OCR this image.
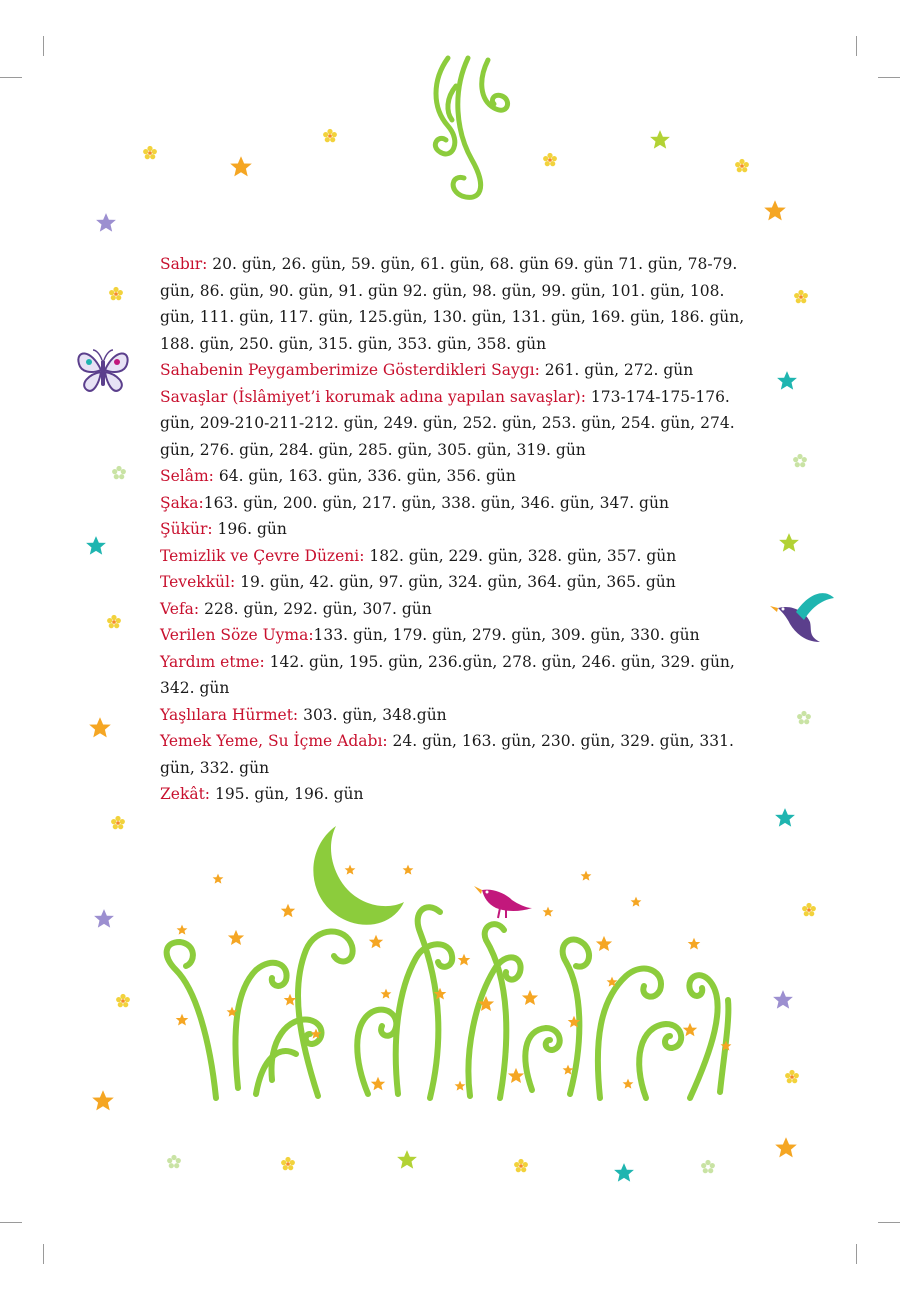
Sabır: 20. gün, 26. gün, 59. gün, 61. gün, 68. gün 69. gün 71. gün, 78-79. gün, 86. gün, 90. gün, 91. gün 92. gün, 98. gün, 99. gün, 101. gün, 108. gün, 111. gün, 117. gün, 125.gün, 130. gün, 131. gün, 169. gün, 186. gün, 188. gün, 250. gün, 315. gün, 353. gün, 358. gün

Sahabenin Peygamberimize Gösterdikleri Saygı: 261. gün, 272. gün

Savaşlar (İslâmiyet’i korumak adına yapılan savaşlar): 173-174-175-176. gün, 209-210-211-212. gün, 249. gün, 252. gün, 253. gün, 254. gün, 274. gün, 276. gün, 284. gün, 285. gün, 305. gün, 319. gün

Selâm: 64. gün, 163. gün, 336. gün, 356. gün

Şaka:163. gün, 200. gün, 217. gün, 338. gün, 346. gün, 347. gün

Şükür: 196. gün

Temizlik ve Çevre Düzeni: 182. gün, 229. gün, 328. gün, 357. gün

Tevekkül: 19. gün, 42. gün, 97. gün, 324. gün, 364. gün, 365. gün

Vefa: 228. gün, 292. gün, 307. gün

Verilen Söze Uyma:133. gün, 179. gün, 279. gün, 309. gün, 330. gün

Yardım etme: 142. gün, 195. gün, 236.gün, 278. gün, 246. gün, 329. gün, 342. gün

Yaşlılara Hürmet: 303. gün, 348.gün

Yemek Yeme, Su İçme Adabı: 24. gün, 163. gün, 230. gün, 329. gün, 331. gün, 332. gün

Zekât: 195. gün, 196. gün
